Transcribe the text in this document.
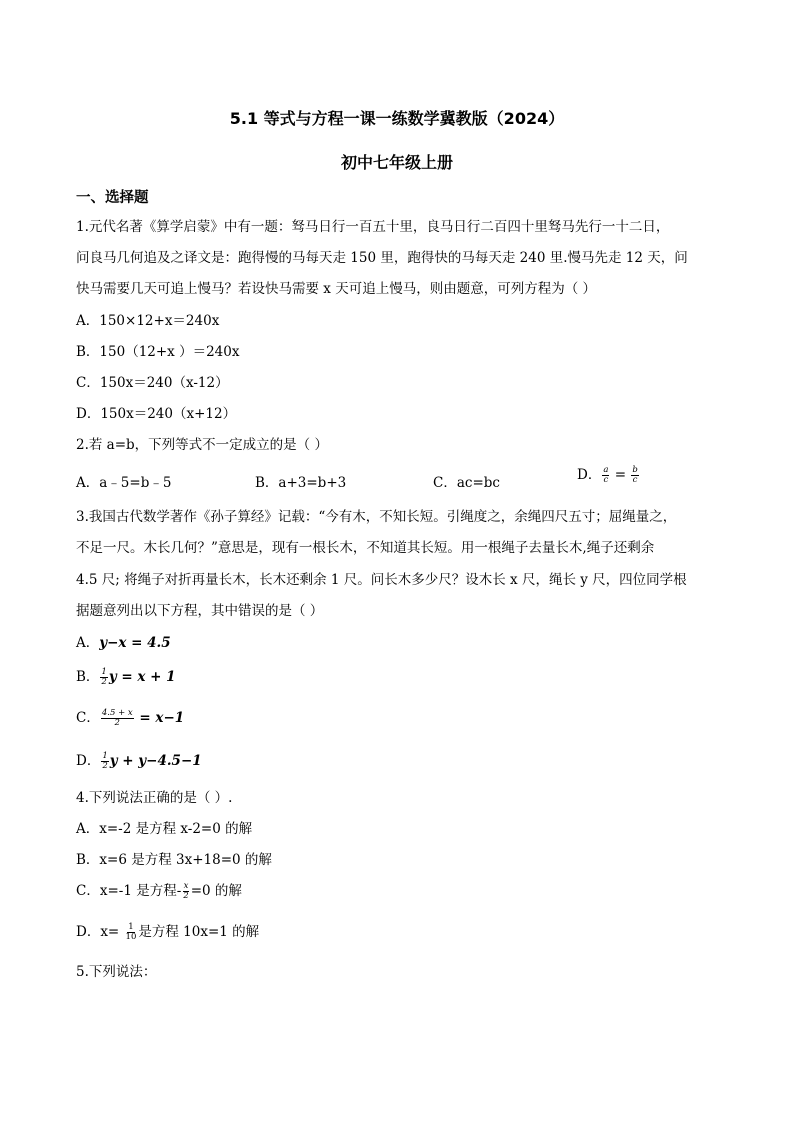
5.1 等式与方程一课一练数学冀教版（2024）
初中七年级上册
一、选择题
1.元代名著《算学启蒙》中有一题：驽马日行一百五十里，良马日行二百四十里驽马先行一十二日，
问良马几何追及之译文是：跑得慢的马每天走 150 里，跑得快的马每天走 240 里.慢马先走 12 天，问
快马需要几天可追上慢马？若设快马需要 x 天可追上慢马，则由题意，可列方程为（ ）
A．150×12+x＝240x
B．150（12+x ）＝240x
C．150x＝240（x-12）
D．150x＝240（x+12）
2.若 a=b，下列等式不一定成立的是（ ）
A．a﹣5=b﹣5	B．a+3=b+3	C．ac=bc	D． $\frac{a}{c} = \frac{b}{c}$
3.我国古代数学著作《孙子算经》记载：“今有木，不知长短。引绳度之，余绳四尺五寸；屈绳量之，
不足一尺。木长几何？”意思是，现有一根长木，不知道其长短。用一根绳子去量长木,绳子还剩余
4.5 尺; 将绳子对折再量长木，长木还剩余 1 尺。问长木多少尺？设木长 x 尺，绳长 y 尺，四位同学根
据题意列出以下方程，其中错误的是（ ）
A．y−x = 4.5
B． $\frac{1}{2}$ y = x + 1
C． $\frac{4.5 + x}{2} = x-1$
D． $\frac{1}{2}$ y + y−4.5−1
4.下列说法正确的是（ ）.
A．x=-2 是方程 x-2=0 的解
B．x=6 是方程 3x+18=0 的解
C．x=-1 是方程- $\frac{x}{2} =0$ 的解
D．$x= \frac{1}{10}$ 是方程 10x=1 的解
5.下列说法：
